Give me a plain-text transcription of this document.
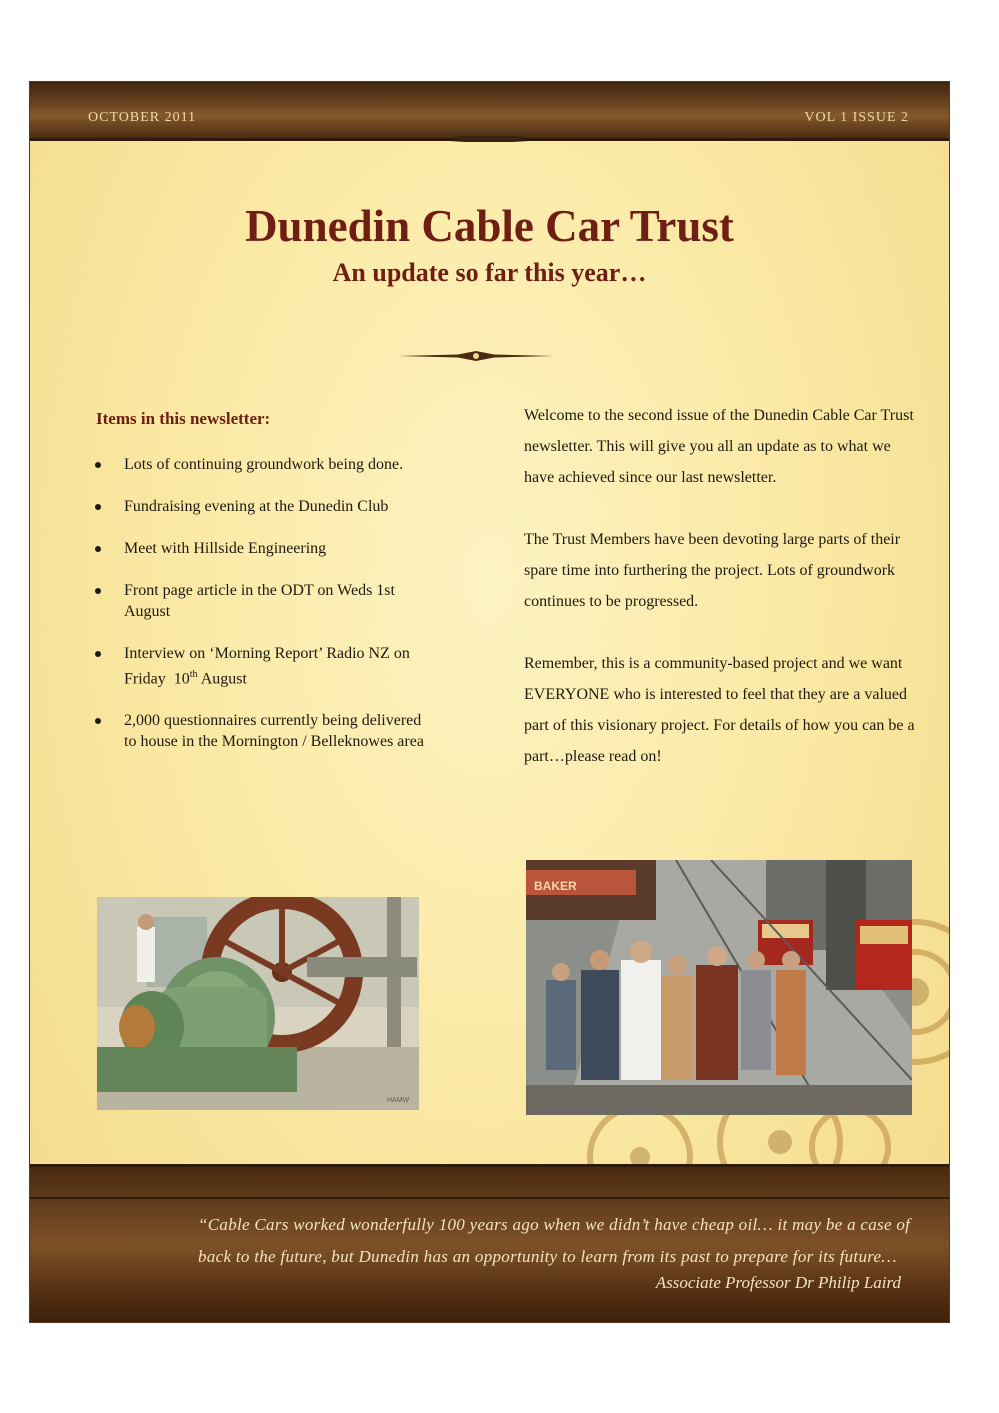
OCTOBER 2011	VOL 1 ISSUE 2
Dunedin Cable Car Trust
An update so far this year…
Items in this newsletter:
Lots of continuing groundwork being done.
Fundraising evening at the Dunedin Club
Meet with Hillside Engineering
Front page article in the ODT on Weds 1st August
Interview on ‘Morning Report’ Radio NZ on Friday 10th August
2,000 questionnaires currently being delivered to house in the Mornington / Belleknowes area

Welcome to the second issue of the Dunedin Cable Car Trust newsletter. This will give you all an update as to what we have achieved since our last newsletter.

The Trust Members have been devoting large parts of their spare time into furthering the project. Lots of groundwork continues to be progressed.

Remember, this is a community-based project and we want EVERYONE who is interested to feel that they are a valued part of this visionary project. For details of how you can be a part…please read on!

HAMW
BAKER

“Cable Cars worked wonderfully 100 years ago when we didn’t have cheap oil… it may be a case of back to the future, but Dunedin has an opportunity to learn from its past to prepare for its future…

Associate Professor Dr Philip Laird
